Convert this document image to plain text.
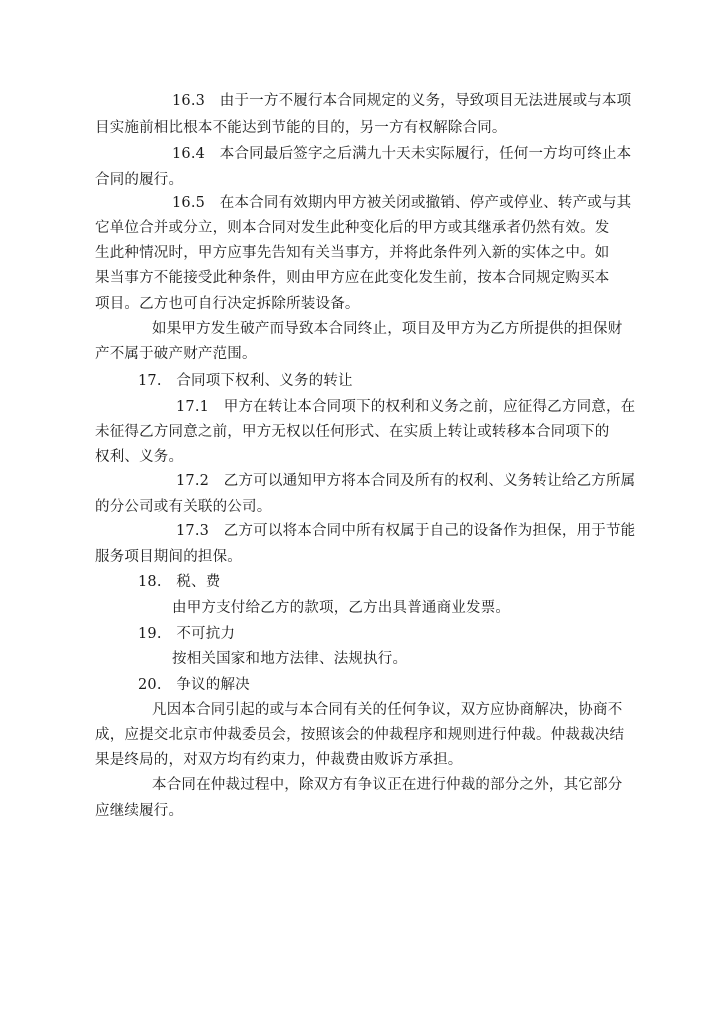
16.3　由于一方不履行本合同规定的义务，导致项目无法进展或与本项
目实施前相比根本不能达到节能的目的，另一方有权解除合同。
16.4　本合同最后签字之后满九十天未实际履行，任何一方均可终止本
合同的履行。
16.5　在本合同有效期内甲方被关闭或撤销、停产或停业、转产或与其
它单位合并或分立，则本合同对发生此种变化后的甲方或其继承者仍然有效。发
生此种情况时，甲方应事先告知有关当事方，并将此条件列入新的实体之中。如
果当事方不能接受此种条件，则由甲方应在此变化发生前，按本合同规定购买本
项目。乙方也可自行决定拆除所装设备。
如果甲方发生破产而导致本合同终止，项目及甲方为乙方所提供的担保财
产不属于破产财产范围。
17.　合同项下权利、义务的转让
17.1　甲方在转让本合同项下的权利和义务之前，应征得乙方同意，在
未征得乙方同意之前，甲方无权以任何形式、在实质上转让或转移本合同项下的
权利、义务。
17.2　乙方可以通知甲方将本合同及所有的权利、义务转让给乙方所属
的分公司或有关联的公司。
17.3　乙方可以将本合同中所有权属于自己的设备作为担保，用于节能
服务项目期间的担保。
18.　税、费
由甲方支付给乙方的款项，乙方出具普通商业发票。
19.　不可抗力
按相关国家和地方法律、法规执行。
20.　争议的解决
凡因本合同引起的或与本合同有关的任何争议，双方应协商解决，协商不
成，应提交北京市仲裁委员会，按照该会的仲裁程序和规则进行仲裁。仲裁裁决结
果是终局的，对双方均有约束力，仲裁费由败诉方承担。
本合同在仲裁过程中，除双方有争议正在进行仲裁的部分之外，其它部分
应继续履行。
